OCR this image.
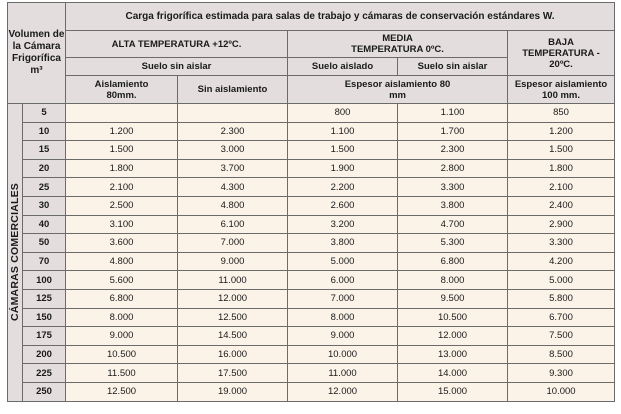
Volumen de la Cámara Frigorífica m³		Carga frigorífica estimada para salas de trabajo y cámaras de conservación estándares W.				
		ALTA TEMPERATURA +12ºC.		MEDIA TEMPERATURA 0ºC.		BAJA TEMPERATURA - 20ºC.
		Suelo sin aislar		Suelo aislado	Suelo sin aislar	
		Aislamiento 80mm.	Sin aislamiento	Espesor aislamiento 80 mm		Espesor aislamiento 100 mm.

CÁMARAS COMERCIALES	5			800	1.100	850
	10	1.200	2.300	1.100	1.700	1.200
	15	1.500	3.000	1.500	2.300	1.500
	20	1.800	3.700	1.900	2.800	1.800
	25	2.100	4.300	2.200	3.300	2.100
	30	2.500	4.800	2.600	3.800	2.400
	40	3.100	6.100	3.200	4.700	2.900
	50	3.600	7.000	3.800	5.300	3.300
	70	4.800	9.000	5.000	6.800	4.200
	100	5.600	11.000	6.000	8.000	5.000
	125	6.800	12.000	7.000	9.500	5.800
	150	8.000	12.500	8.000	10.500	6.700
	175	9.000	14.500	9.000	12.000	7.500
	200	10.500	16.000	10.000	13.000	8.500
	225	11.500	17.500	11.000	14.000	9.300
	250	12.500	19.000	12.000	15.000	10.000
